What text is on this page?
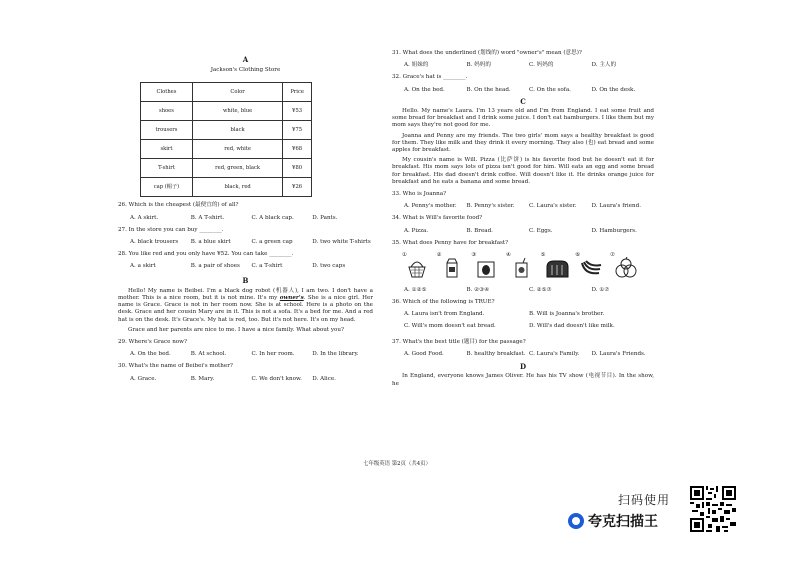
A
Jackson's Clothing Store
Clothes	Color	Price
shoes	white, blue	¥53
trousers	black	¥75
skirt	red, white	¥68
T-shirt	red, green, black	¥80
cap (帽子)	black, red	¥26
26. Which is the cheapest (最便宜的) of all?
A. A skirt.	B. A T-shirt.	C. A black cap.	D. Pants.
27. In the store you can buy ________.
A. black trousers	B. a blue skirt	C. a green cap	D. two white T-shirts
28. You like red and you only have ¥52. You can take ________.
A. a skirt	B. a pair of shoes	C. a T-shirt	D. two caps
B
Hello! My name is Beibei. I'm a black dog robot (机器人), I am two. I don't have a mother. This is a nice room, but it is not mine. It's my owner's. She is a nice girl. Her name is Grace. Grace is not in her room now. She is at school. Here is a photo on the desk. Grace and her cousin Mary are in it. This is not a sofa. It's a bed for me. And a red hat is on the desk. It's Grace's. My hat is red, too. But it's not here. It's on my head.
Grace and her parents are nice to me. I have a nice family. What about you?
29. Where's Grace now?
A. On the bed.	B. At school.	C. In her room.	D. In the library.
30. What's the name of Beibei's mother?
A. Grace.	B. Mary.	C. We don't know.	D. Alice.
31. What does the underlined (划线的) word "owner's" mean (意思)?
A. 姐妹的	B. 妈妈的	C. 妈妈的	D. 主人的
32. Grace's hat is ________.
A. On the bed.	B. On the head.	C. On the sofa.	D. On the desk.
C
Hello. My name's Laura. I'm 13 years old and I'm from England. I eat some fruit and some bread for breakfast and I drink some juice. I don't eat hamburgers. I like them but my mom says they're not good for me.
Joanna and Penny are my friends. The two girls' mom says a healthy breakfast is good for them. They like milk and they drink it every morning. They also (也) eat bread and some apples for breakfast.
My cousin's name is Will. Pizza (比萨饼) is his favorite food but he doesn't eat it for breakfast. His mom says lots of pizza isn't good for him. Will eats an egg and some bread for breakfast. His dad doesn't drink coffee. Will doesn't like it. He drinks orange juice for breakfast and he eats a banana and some bread.
33. Who is Joanna?
A. Penny's mother.	B. Penny's sister.	C. Laura's sister.	D. Laura's friend.
34. What is Will's favorite food?
A. Pizza.	B. Bread.	C. Eggs.	D. Hamburgers.
35. What does Penny have for breakfast?
①	②	③	④	⑤	⑥	⑦
A. ①②⑤	B. ②③④	C. ②⑤⑦	D. ①⑦
36. Which of the following is TRUE?
A. Laura isn't from England.	B. Will is Joanna's brother.
C. Will's mom doesn't eat bread.	D. Will's dad doesn't like milk.
37. What's the best title (题目) for the passage?
A. Good Food.	B. healthy breakfast. C. Laura's Family.	D. Laura's Friends.
D
In England, everyone knows James Oliver. He has his TV show (电视节目). In the show, he
七年级英语 第2页（共4页）
扫码使用
夸克扫描王
